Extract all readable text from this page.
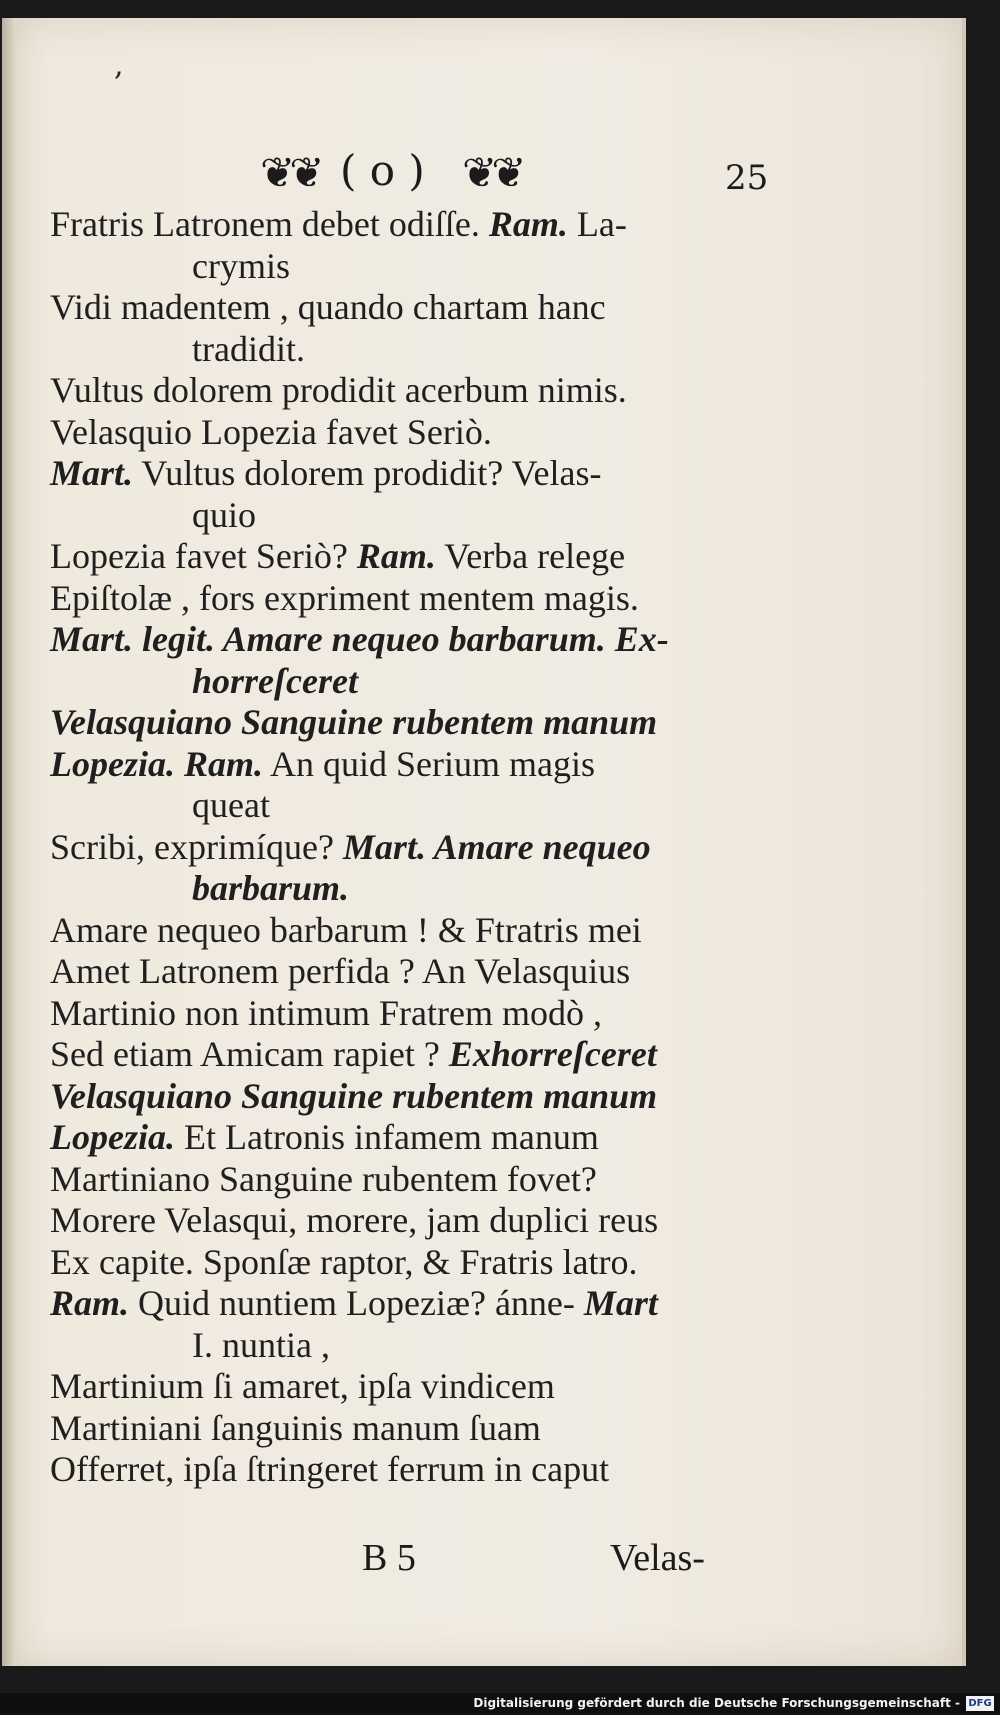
,
❦❦ ( o ) ❦❦	25
Fratris Latronem debet odiſſe. Ram. La-
crymis
Vidi madentem , quando chartam hanc
tradidit.
Vultus dolorem prodidit acerbum nimis.
Velasquio Lopezia favet Seriò.
Mart. Vultus dolorem prodidit? Velas-
quio
Lopezia favet Seriò? Ram. Verba relege
Epiſtolæ , fors expriment mentem magis.
Mart. legit. Amare nequeo barbarum. Ex-
horreſceret
Velasquiano Sanguine rubentem manum
Lopezia. Ram. An quid Serium magis
queat
Scribi, exprimíque? Mart. Amare nequeo
barbarum.
Amare nequeo barbarum ! & Ftratris mei
Amet Latronem perfida ? An Velasquius
Martinio non intimum Fratrem modò ,
Sed etiam Amicam rapiet ? Exhorreſceret
Velasquiano Sanguine rubentem manum
Lopezia. Et Latronis infamem manum
Martiniano Sanguine rubentem fovet?
Morere Velasqui, morere, jam duplici reus
Ex capite. Sponſæ raptor, & Fratris latro.
Ram. Quid nuntiem Lopeziæ? ánne- Mart
I. nuntia ,
Martinium ſi amaret, ipſa vindicem
Martiniani ſanguinis manum ſuam
Offerret, ipſa ſtringeret ferrum in caput
B 5	Velas-
Digitalisierung gefördert durch die Deutsche Forschungsgemeinschaft - DFG
